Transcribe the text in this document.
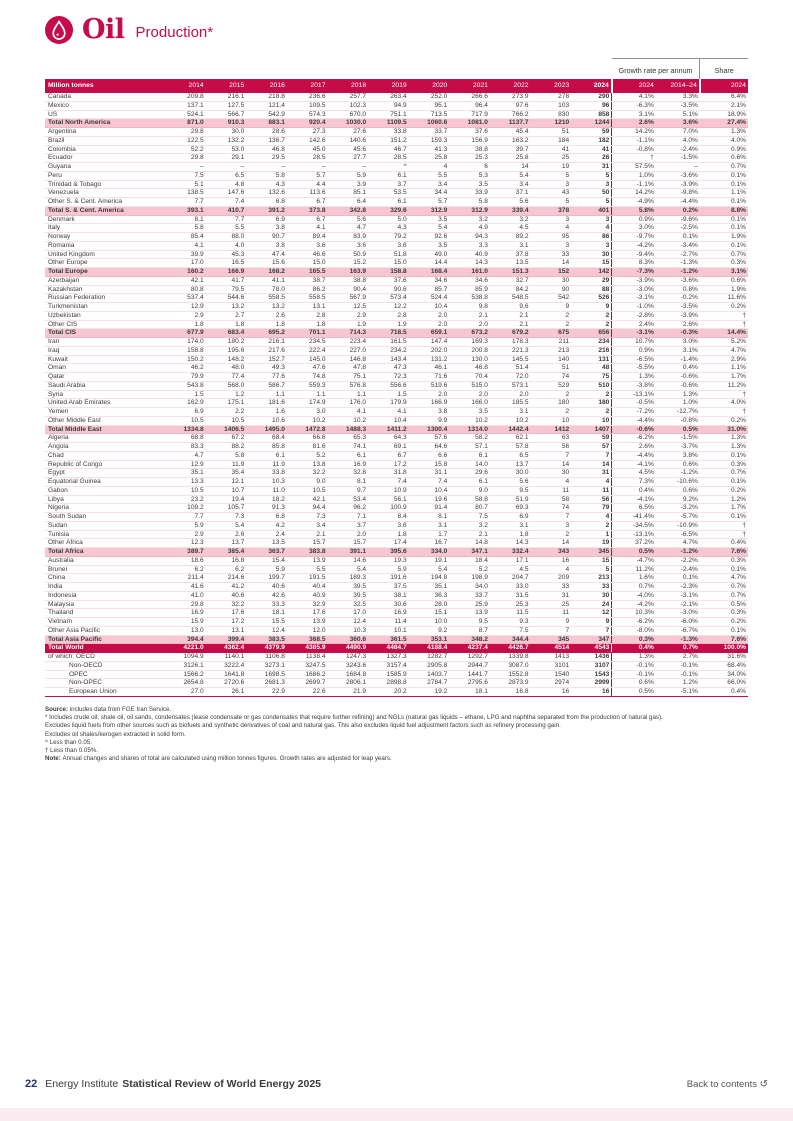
Oil Production*
												Growth rate per annum		Share
Million tonnes	2014	2015	2016	2017	2018	2019	2020	2021	2022	2023	2024	2024	2014–24	2024
Canada	209.8	216.1	218.8	236.6	257.7	263.4	252.0	266.6	273.9	278	290	4.1%	3.3%	6.4%
Mexico	137.1	127.5	121.4	109.5	102.3	94.9	95.1	96.4	97.6	103	96	-6.3%	-3.5%	2.1%
US	524.1	566.7	542.9	574.3	670.0	751.1	713.5	717.9	766.2	830	858	3.1%	5.1%	18.9%
Total North America	871.0	910.3	883.1	920.4	1030.0	1109.5	1060.6	1081.0	1137.7	1210	1244	2.6%	3.6%	27.4%
Argentina	29.8	30.0	28.6	27.3	27.6	33.8	33.7	37.6	45.4	51	59	14.2%	7.0%	1.3%
Brazil	122.5	132.2	136.7	142.6	140.6	151.2	159.3	156.9	163.2	184	182	-1.1%	4.0%	4.0%
Colombia	52.2	53.0	46.8	45.0	45.6	46.7	41.3	38.8	39.7	41	41	-0.8%	-2.4%	0.9%
Ecuador	29.8	29.1	29.5	28.5	27.7	28.5	25.8	25.3	25.8	25	26	†	-1.5%	0.6%
Guyana	–	–	–	–	–	^	4	6	14	19	31	57.5%	–	0.7%
Peru	7.5	6.5	5.8	5.7	5.9	6.1	5.5	5.3	5.4	5	5	1.0%	-3.6%	0.1%
Trinidad & Tobago	5.1	4.8	4.3	4.4	3.9	3.7	3.4	3.5	3.4	3	3	-1.1%	-3.9%	0.1%
Venezuela	138.5	147.6	132.6	113.6	85.1	53.5	34.4	33.9	37.1	43	50	14.2%	-9.8%	1.1%
Other S. & Cent. America	7.7	7.4	6.8	6.7	6.4	6.1	5.7	5.8	5.6	5	5	-4.9%	-4.4%	0.1%
Total S. & Cent. America	393.1	410.7	391.2	373.8	342.8	329.6	312.9	312.9	339.4	378	401	5.8%	0.2%	8.8%
Denmark	8.1	7.7	6.9	6.7	5.6	5.0	3.5	3.2	3.2	3	3	0.9%	-9.6%	0.1%
Italy	5.8	5.5	3.8	4.1	4.7	4.3	5.4	4.9	4.5	4	4	3.0%	-2.5%	0.1%
Norway	85.4	88.0	90.7	89.4	83.9	79.2	92.6	94.3	89.2	95	86	-9.7%	0.1%	1.9%
Romania	4.1	4.0	3.8	3.6	3.6	3.6	3.5	3.3	3.1	3	3	-4.2%	-3.4%	0.1%
United Kingdom	39.9	45.3	47.4	46.6	50.9	51.8	49.0	40.9	37.8	33	30	-9.4%	-2.7%	0.7%
Other Europe	17.0	16.5	15.6	15.0	15.2	15.0	14.4	14.3	13.5	14	15	8.3%	-1.3%	0.3%
Total Europe	160.2	166.9	168.2	165.5	163.9	158.8	168.4	161.0	151.3	152	142	-7.3%	-1.2%	3.1%
Azerbaijan	42.1	41.7	41.1	38.7	38.8	37.6	34.6	34.6	32.7	30	29	-3.9%	-3.6%	0.6%
Kazakhstan	80.8	79.5	78.0	86.2	90.4	90.6	85.7	85.9	84.2	90	88	-3.0%	0.8%	1.9%
Russian Federation	537.4	544.6	558.5	558.5	567.9	573.4	524.4	538.8	548.5	542	526	-3.1%	-0.2%	11.6%
Turkmenistan	12.9	13.2	13.2	13.1	12.5	12.2	10.4	9.8	9.6	9	9	-1.0%	-3.5%	0.2%
Uzbekistan	2.9	2.7	2.6	2.8	2.9	2.8	2.0	2.1	2.1	2	2	-2.8%	-3.9%	†
Other CIS	1.8	1.8	1.8	1.8	1.9	1.9	2.0	2.0	2.1	2	2	2.4%	2.6%	†
Total CIS	677.9	683.4	695.2	701.1	714.3	718.5	659.1	673.2	679.2	675	656	-3.1%	-0.3%	14.4%
Iran	174.0	180.2	216.1	234.5	223.4	161.5	147.4	169.3	178.3	211	234	10.7%	3.0%	5.2%
Iraq	158.8	195.6	217.6	222.4	227.0	234.2	202.0	200.8	221.3	213	216	0.9%	3.1%	4.7%
Kuwait	150.2	148.2	152.7	145.0	146.8	143.4	131.2	130.0	145.5	140	131	-6.5%	-1.4%	2.9%
Oman	46.2	48.0	49.3	47.6	47.8	47.3	46.1	46.8	51.4	51	48	-5.5%	0.4%	1.1%
Qatar	79.9	77.4	77.6	74.8	75.1	72.3	71.6	70.4	72.0	74	75	1.3%	-0.6%	1.7%
Saudi Arabia	543.8	568.0	586.7	559.3	576.8	556.6	519.6	515.0	573.1	529	510	-3.8%	-0.6%	11.2%
Syria	1.5	1.2	1.1	1.1	1.1	1.5	2.0	2.0	2.0	2	2	-13.1%	1.3%	†
United Arab Emirates	162.9	175.1	181.6	174.9	176.0	179.9	166.9	166.0	185.5	180	180	-0.5%	1.0%	4.0%
Yemen	6.9	2.2	1.6	3.0	4.1	4.1	3.8	3.5	3.1	2	2	-7.2%	-12.7%	†
Other Middle East	10.5	10.5	10.6	10.2	10.2	10.4	9.9	10.2	10.2	10	10	-4.4%	-0.8%	0.2%
Total Middle East	1334.8	1406.5	1495.0	1472.8	1488.3	1411.2	1300.4	1314.0	1442.4	1412	1407	-0.6%	0.5%	31.0%
Algeria	68.8	67.2	68.4	66.6	65.3	64.3	57.6	58.2	62.1	63	59	-6.2%	-1.5%	1.3%
Angola	83.3	88.2	85.8	81.6	74.1	69.1	64.6	57.1	57.8	56	57	2.6%	-3.7%	1.3%
Chad	4.7	5.8	6.1	5.2	6.1	6.7	6.6	6.1	6.5	7	7	-4.4%	3.8%	0.1%
Republic of Congo	12.9	11.9	11.9	13.8	16.9	17.2	15.8	14.0	13.7	14	14	-4.1%	0.6%	0.3%
Egypt	35.1	35.4	33.8	32.2	32.8	31.8	31.1	29.6	30.0	30	31	4.5%	-1.2%	0.7%
Equatorial Guinea	13.3	12.1	10.3	9.0	8.1	7.4	7.4	6.1	5.6	4	4	7.3%	-10.6%	0.1%
Gabon	10.5	10.7	11.0	10.5	9.7	10.9	10.4	9.0	9.5	11	11	0.4%	0.6%	0.2%
Libya	23.2	19.4	18.2	42.1	53.4	56.1	19.6	58.8	51.9	58	56	-4.1%	9.2%	1.2%
Nigeria	109.2	105.7	91.3	94.4	96.2	100.9	91.4	80.7	69.3	74	79	6.5%	-3.2%	1.7%
South Sudan	7.7	7.3	6.8	7.3	7.1	8.4	8.1	7.5	6.9	7	4	-41.4%	-5.7%	0.1%
Sudan	5.9	5.4	4.2	3.4	3.7	3.6	3.1	3.2	3.1	3	2	-34.5%	-10.9%	†
Tunisia	2.9	2.6	2.4	2.1	2.0	1.8	1.7	2.1	1.8	2	1	-13.1%	-6.5%	†
Other Africa	12.3	13.7	13.5	15.7	15.7	17.4	16.7	14.8	14.3	14	19	37.2%	4.7%	0.4%
Total Africa	389.7	385.4	363.7	383.8	391.1	395.6	334.0	347.1	332.4	343	345	0.5%	-1.2%	7.6%
Australia	18.6	16.8	15.4	13.9	14.6	19.3	19.1	18.4	17.1	16	15	-4.7%	-2.2%	0.3%
Brunei	6.2	6.2	5.9	5.5	5.4	5.9	5.4	5.2	4.5	4	5	11.2%	-2.4%	0.1%
China	211.4	214.6	199.7	191.5	189.3	191.6	194.8	198.9	204.7	209	213	1.6%	0.1%	4.7%
India	41.6	41.2	40.6	40.4	39.5	37.5	35.1	34.0	33.0	33	33	0.7%	-2.3%	0.7%
Indonesia	41.0	40.6	42.6	40.9	39.5	38.1	36.3	33.7	31.5	31	30	-4.0%	-3.1%	0.7%
Malaysia	29.8	32.2	33.3	32.9	32.5	30.6	28.0	25.9	25.3	25	24	-4.2%	-2.1%	0.5%
Thailand	16.9	17.6	18.1	17.6	17.0	16.9	15.1	13.9	11.5	11	12	10.3%	-3.0%	0.3%
Vietnam	15.9	17.2	15.5	13.9	12.4	11.4	10.0	9.5	9.3	9	9	-6.2%	-6.0%	0.2%
Other Asia Pacific	13.0	13.1	12.4	12.0	10.3	10.1	9.2	8.7	7.5	7	7	-8.0%	-6.7%	0.1%
Total Asia Pacific	394.4	399.4	383.5	368.5	360.6	361.5	353.1	348.2	344.4	345	347	0.3%	-1.3%	7.6%
Total World	4221.0	4362.4	4379.9	4385.9	4490.9	4484.7	4188.4	4237.4	4426.7	4514	4543	0.4%	0.7%	100.0%
of which: OECD	1094.9	1140.1	1106.8	1138.4	1247.3	1327.3	1282.7	1292.7	1339.8	1413	1436	1.3%	2.7%	31.6%
Non-OECD	3126.1	3222.4	3273.1	3247.5	3243.6	3157.4	2905.8	2944.7	3087.0	3101	3107	-0.1%	-0.1%	68.4%
OPEC	1566.2	1641.8	1698.5	1686.2	1684.8	1585.9	1403.7	1441.7	1552.8	1540	1543	-0.1%	-0.1%	34.0%
Non-OPEC	2654.8	2720.6	2681.3	2699.7	2806.1	2898.8	2784.7	2795.6	2873.9	2974	2999	0.6%	1.2%	66.0%
European Union	27.0	26.1	22.9	22.6	21.9	20.2	19.2	18.1	16.8	16	16	0.5%	-5.1%	0.4%
Source: includes data from FGE Iran Service.
* Includes crude oil, shale oil, oil sands, condensates (lease condensate or gas condensates that require further refining) and NGLs (natural gas liquids – ethane, LPG and naphtha separated from the production of natural gas).
Excludes liquid fuels from other sources such as biofuels and synthetic derivatives of coal and natural gas. This also excludes liquid fuel adjustment factors such as refinery processing gain.
Excludes oil shales/kerogen extracted in solid form.
^ Less than 0.05.
† Less than 0.05%.
Note: Annual changes and shares of total are calculated using million tonnes figures. Growth rates are adjusted for leap years.
22 Energy Institute Statistical Review of World Energy 2025	Back to contents ↺
